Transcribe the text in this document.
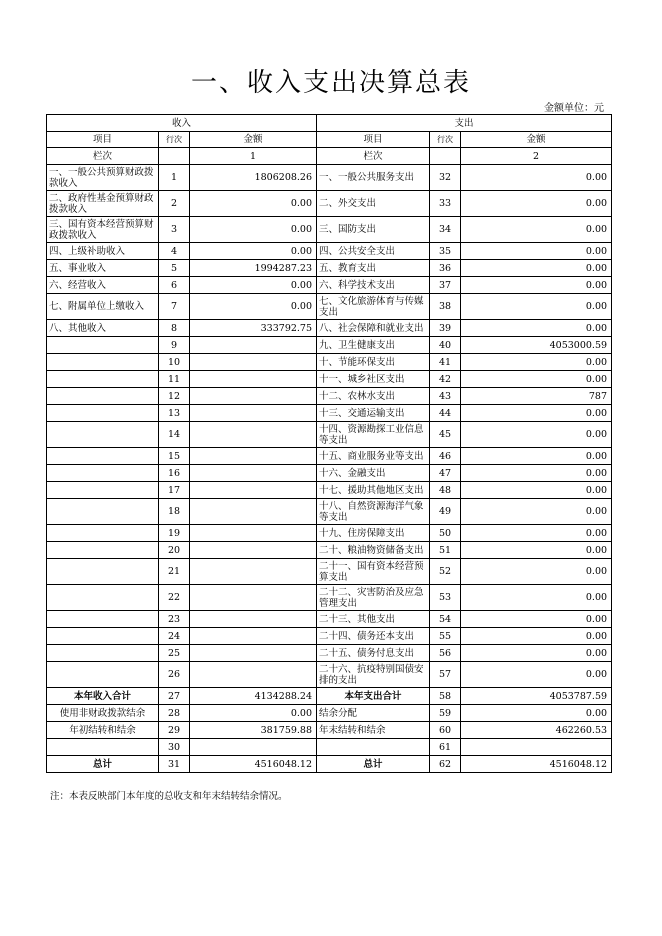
一、收入支出决算总表
金额单位：元
收入			支出		
项目	行次	金额	项目	行次	金额
栏次		1	栏次		2
一、一般公共预算财政拨款收入	1	1806208.26	一、一般公共服务支出	32	0.00
二、政府性基金预算财政拨款收入	2	0.00	二、外交支出	33	0.00
三、国有资本经营预算财政拨款收入	3	0.00	三、国防支出	34	0.00
四、上级补助收入	4	0.00	四、公共安全支出	35	0.00
五、事业收入	5	1994287.23	五、教育支出	36	0.00
六、经营收入	6	0.00	六、科学技术支出	37	0.00
七、附属单位上缴收入	7	0.00	七、文化旅游体育与传媒支出	38	0.00
八、其他收入	8	333792.75	八、社会保障和就业支出	39	0.00
	9		九、卫生健康支出	40	4053000.59
	10		十、节能环保支出	41	0.00
	11		十一、城乡社区支出	42	0.00
	12		十二、农林水支出	43	787
	13		十三、交通运输支出	44	0.00
	14		十四、资源勘探工业信息等支出	45	0.00
	15		十五、商业服务业等支出	46	0.00
	16		十六、金融支出	47	0.00
	17		十七、援助其他地区支出	48	0.00
	18		十八、自然资源海洋气象等支出	49	0.00
	19		十九、住房保障支出	50	0.00
	20		二十、粮油物资储备支出	51	0.00
	21		二十一、国有资本经营预算支出	52	0.00
	22		二十二、灾害防治及应急管理支出	53	0.00
	23		二十三、其他支出	54	0.00
	24		二十四、债务还本支出	55	0.00
	25		二十五、债务付息支出	56	0.00
	26		二十六、抗疫特别国债安排的支出	57	0.00
本年收入合计	27	4134288.24	本年支出合计	58	4053787.59
使用非财政拨款结余	28	0.00	结余分配	59	0.00
年初结转和结余	29	381759.88	年末结转和结余	60	462260.53
	30			61	
总计	31	4516048.12	总计	62	4516048.12
注：本表反映部门本年度的总收支和年末结转结余情况。
